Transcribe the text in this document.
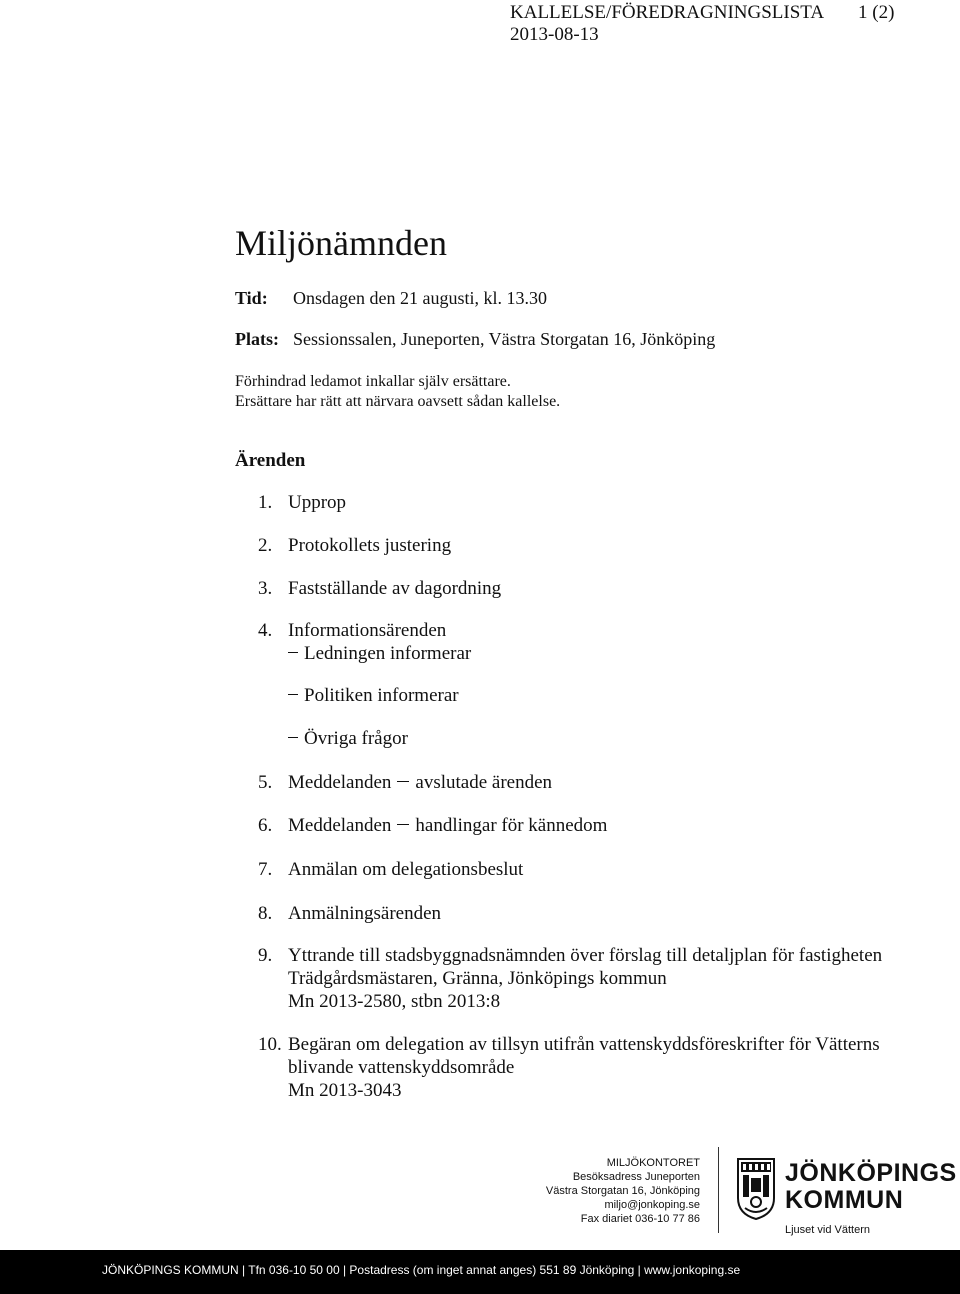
KALLELSE/FÖREDRAGNINGSLISTA 1 (2)
2013-08-13
Miljönämnden
Tid: Onsdagen den 21 augusti, kl. 13.30
Plats: Sessionssalen, Juneporten, Västra Storgatan 16, Jönköping
Förhindrad ledamot inkallar själv ersättare.
Ersättare har rätt att närvara oavsett sådan kallelse.
Ärenden
1. Upprop
2. Protokollets justering
3. Fastställande av dagordning
4. Informationsärenden
Ledningen informerar
Politiken informerar
Övriga frågor
5. Meddelanden avslutade ärenden
6. Meddelanden handlingar för kännedom
7. Anmälan om delegationsbeslut
8. Anmälningsärenden
9. Yttrande till stadsbyggnadsnämnden över förslag till detaljplan för fastigheten
Trädgårdsmästaren, Gränna, Jönköpings kommun
Mn 2013-2580, stbn 2013:8
10. Begäran om delegation av tillsyn utifrån vattenskyddsföreskrifter för Vätterns
blivande vattenskyddsområde
Mn 2013-3043
MILJÖKONTORET
Besöksadress Juneporten
Västra Storgatan 16, Jönköping
miljo@jonkoping.se
Fax diariet 036-10 77 86
JÖNKÖPINGS
KOMMUN
Ljuset vid Vättern
JÖNKÖPINGS KOMMUN | Tfn 036-10 50 00 | Postadress (om inget annat anges) 551 89 Jönköping | www.jonkoping.se
